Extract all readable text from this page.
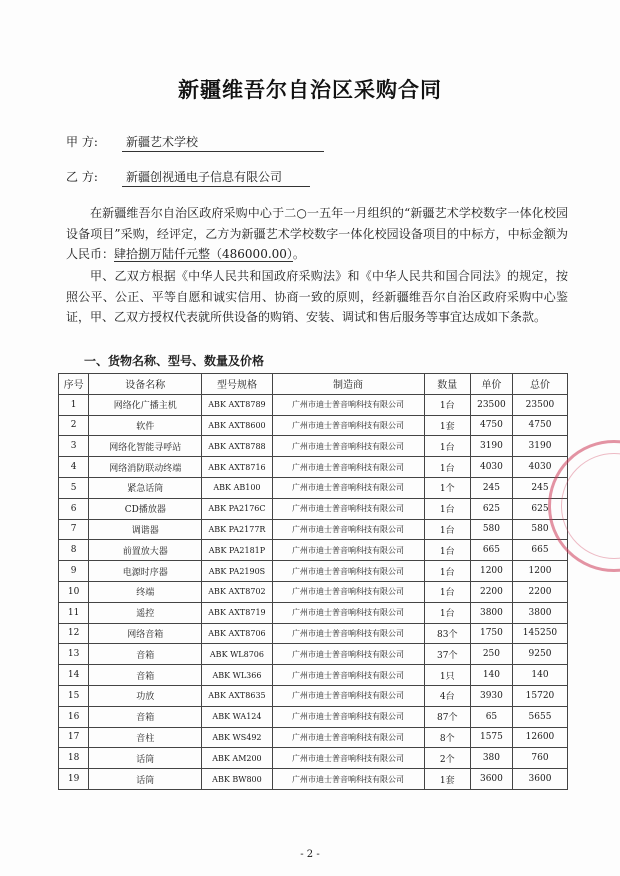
新疆维吾尔自治区采购合同
甲 方: 新疆艺术学校
乙 方: 新疆创视通电子信息有限公司
在新疆维吾尔自治区政府采购中心于二○一五年一月组织的“新疆艺术学校数字一体化校园设备项目”采购，经评定，乙方为新疆艺术学校数字一体化校园设备项目的中标方，中标金额为人民币：肆拾捌万陆仟元整（486000.00）。
甲、乙双方根据《中华人民共和国政府采购法》和《中华人民共和国合同法》的规定，按照公平、公正、平等自愿和诚实信用、协商一致的原则，经新疆维吾尔自治区政府采购中心鉴证，甲、乙双方授权代表就所供设备的购销、安装、调试和售后服务等事宜达成如下条款。
一、货物名称、型号、数量及价格
序号	设备名称	型号规格	制造商	数量	单价	总价
1	网络化广播主机	ABK AXT8789	广州市迪士普音响科技有限公司	1台	23500	23500
2	软件	ABK AXT8600	广州市迪士普音响科技有限公司	1套	4750	4750
3	网络化智能寻呼站	ABK AXT8788	广州市迪士普音响科技有限公司	1台	3190	3190
4	网络消防联动终端	ABK AXT8716	广州市迪士普音响科技有限公司	1台	4030	4030
5	紧急话筒	ABK AB100	广州市迪士普音响科技有限公司	1个	245	245
6	CD播放器	ABK PA2176C	广州市迪士普音响科技有限公司	1台	625	625
7	调谐器	ABK PA2177R	广州市迪士普音响科技有限公司	1台	580	580
8	前置放大器	ABK PA2181P	广州市迪士普音响科技有限公司	1台	665	665
9	电源时序器	ABK PA2190S	广州市迪士普音响科技有限公司	1台	1200	1200
10	终端	ABK AXT8702	广州市迪士普音响科技有限公司	1台	2200	2200
11	遥控	ABK AXT8719	广州市迪士普音响科技有限公司	1台	3800	3800
12	网络音箱	ABK AXT8706	广州市迪士普音响科技有限公司	83个	1750	145250
13	音箱	ABK WL8706	广州市迪士普音响科技有限公司	37个	250	9250
14	音箱	ABK WL366	广州市迪士普音响科技有限公司	1只	140	140
15	功放	ABK AXT8635	广州市迪士普音响科技有限公司	4台	3930	15720
16	音箱	ABK WA124	广州市迪士普音响科技有限公司	87个	65	5655
17	音柱	ABK WS492	广州市迪士普音响科技有限公司	8个	1575	12600
18	话筒	ABK AM200	广州市迪士普音响科技有限公司	2个	380	760
19	话筒	ABK BW800	广州市迪士普音响科技有限公司	1套	3600	3600
- 2 -
